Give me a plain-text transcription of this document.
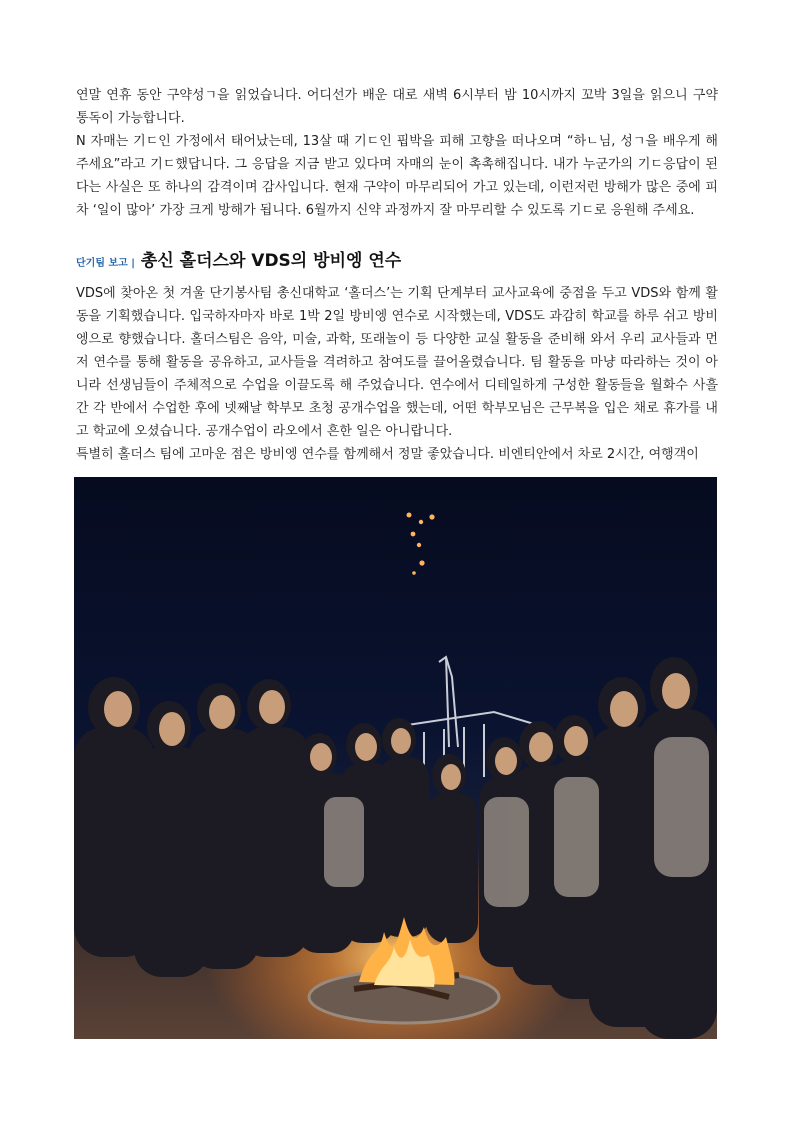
연말 연휴 동안 구약성ㄱ을 읽었습니다. 어디선가 배운 대로 새벽 6시부터 밤 10시까지 꼬박 3일을 읽으니 구약 통독이 가능합니다.

N 자매는 기ㄷ인 가정에서 태어났는데, 13살 때 기ㄷ인 핍박을 피해 고향을 떠나오며 “하ㄴ님, 성ㄱ을 배우게 해 주세요”라고 기ㄷ했답니다. 그 응답을 지금 받고 있다며 자매의 눈이 촉촉해집니다. 내가 누군가의 기ㄷ응답이 된다는 사실은 또 하나의 감격이며 감사입니다. 현재 구약이 마무리되어 가고 있는데, 이런저런 방해가 많은 중에 피차 ‘일이 많아’ 가장 크게 방해가 됩니다. 6월까지 신약 과정까지 잘 마무리할 수 있도록 기ㄷ로 응원해 주세요.

단기팀 보고 | 총신 홀더스와 VDS의 방비엥 연수

VDS에 찾아온 첫 겨울 단기봉사팀 총신대학교 ‘홀더스’는 기획 단계부터 교사교육에 중점을 두고 VDS와 함께 활동을 기획했습니다. 입국하자마자 바로 1박 2일 방비엥 연수로 시작했는데, VDS도 과감히 학교를 하루 쉬고 방비엥으로 향했습니다. 홀더스팀은 음악, 미술, 과학, 또래놀이 등 다양한 교실 활동을 준비해 와서 우리 교사들과 먼저 연수를 통해 활동을 공유하고, 교사들을 격려하고 참여도를 끌어올렸습니다. 팀 활동을 마냥 따라하는 것이 아니라 선생님들이 주체적으로 수업을 이끌도록 해 주었습니다. 연수에서 디테일하게 구성한 활동들을 월화수 사흘간 각 반에서 수업한 후에 넷째날 학부모 초청 공개수업을 했는데, 어떤 학부모님은 근무복을 입은 채로 휴가를 내고 학교에 오셨습니다. 공개수업이 라오에서 흔한 일은 아니랍니다.

특별히 홀더스 팀에 고마운 점은 방비엥 연수를 함께해서 정말 좋았습니다. 비엔티안에서 차로 2시간, 여행객이
